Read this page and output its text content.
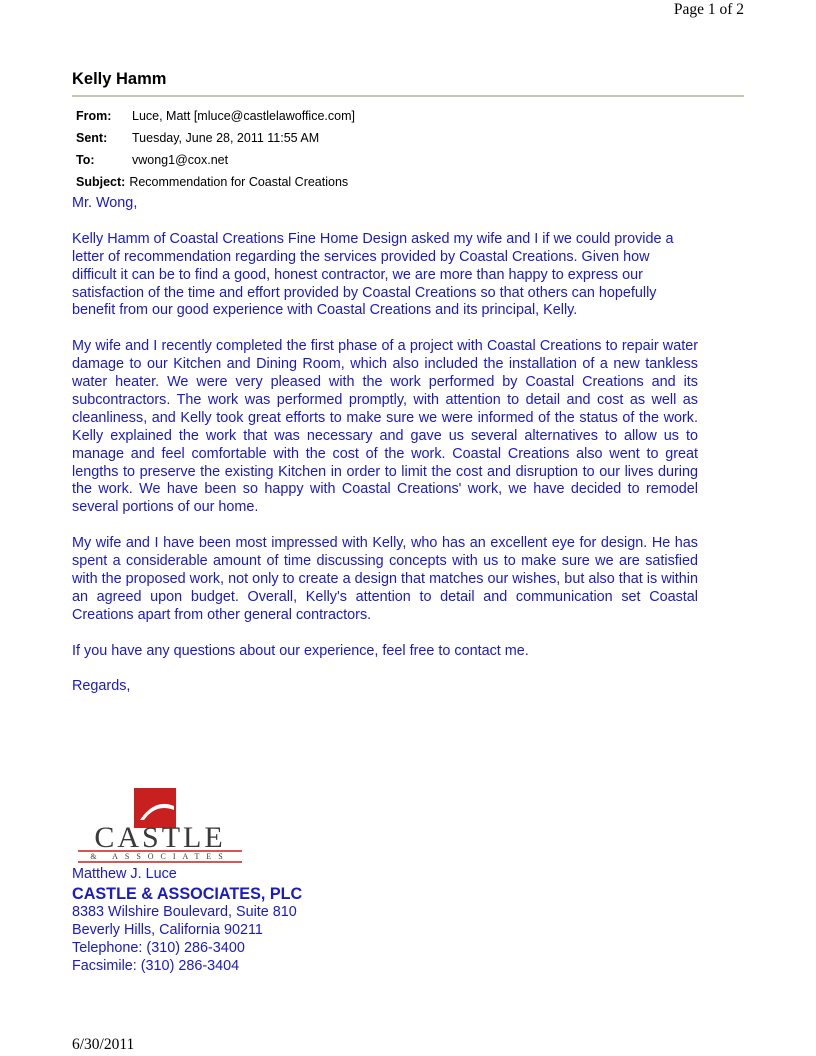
Page 1 of 2
Kelly Hamm
From: Luce, Matt [mluce@castlelawoffice.com]
Sent: Tuesday, June 28, 2011 11:55 AM
To:	vwong1@cox.net
Subject: Recommendation for Coastal Creations

Mr. Wong,

Kelly Hamm of Coastal Creations Fine Home Design asked my wife and I if we could provide a letter of recommendation regarding the services provided by Coastal Creations. Given how difficult it can be to find a good, honest contractor, we are more than happy to express our satisfaction of the time and effort provided by Coastal Creations so that others can hopefully benefit from our good experience with Coastal Creations and its principal, Kelly.

My wife and I recently completed the first phase of a project with Coastal Creations to repair water damage to our Kitchen and Dining Room, which also included the installation of a new tankless water heater. We were very pleased with the work performed by Coastal Creations and its subcontractors. The work was performed promptly, with attention to detail and cost as well as cleanliness, and Kelly took great efforts to make sure we were informed of the status of the work. Kelly explained the work that was necessary and gave us several alternatives to allow us to manage and feel comfortable with the cost of the work. Coastal Creations also went to great lengths to preserve the existing Kitchen in order to limit the cost and disruption to our lives during the work. We have been so happy with Coastal Creations' work, we have decided to remodel several portions of our home.

My wife and I have been most impressed with Kelly, who has an excellent eye for design. He has spent a considerable amount of time discussing concepts with us to make sure we are satisfied with the proposed work, not only to create a design that matches our wishes, but also that is within an agreed upon budget. Overall, Kelly's attention to detail and communication set Coastal Creations apart from other general contractors.

If you have any questions about our experience, feel free to contact me.

Regards,

CASTLE
& ASSOCIATES
Matthew J. Luce
CASTLE & ASSOCIATES, PLC
8383 Wilshire Boulevard, Suite 810
Beverly Hills, California 90211
Telephone: (310) 286-3400
Facsimile: (310) 286-3404
6/30/2011
